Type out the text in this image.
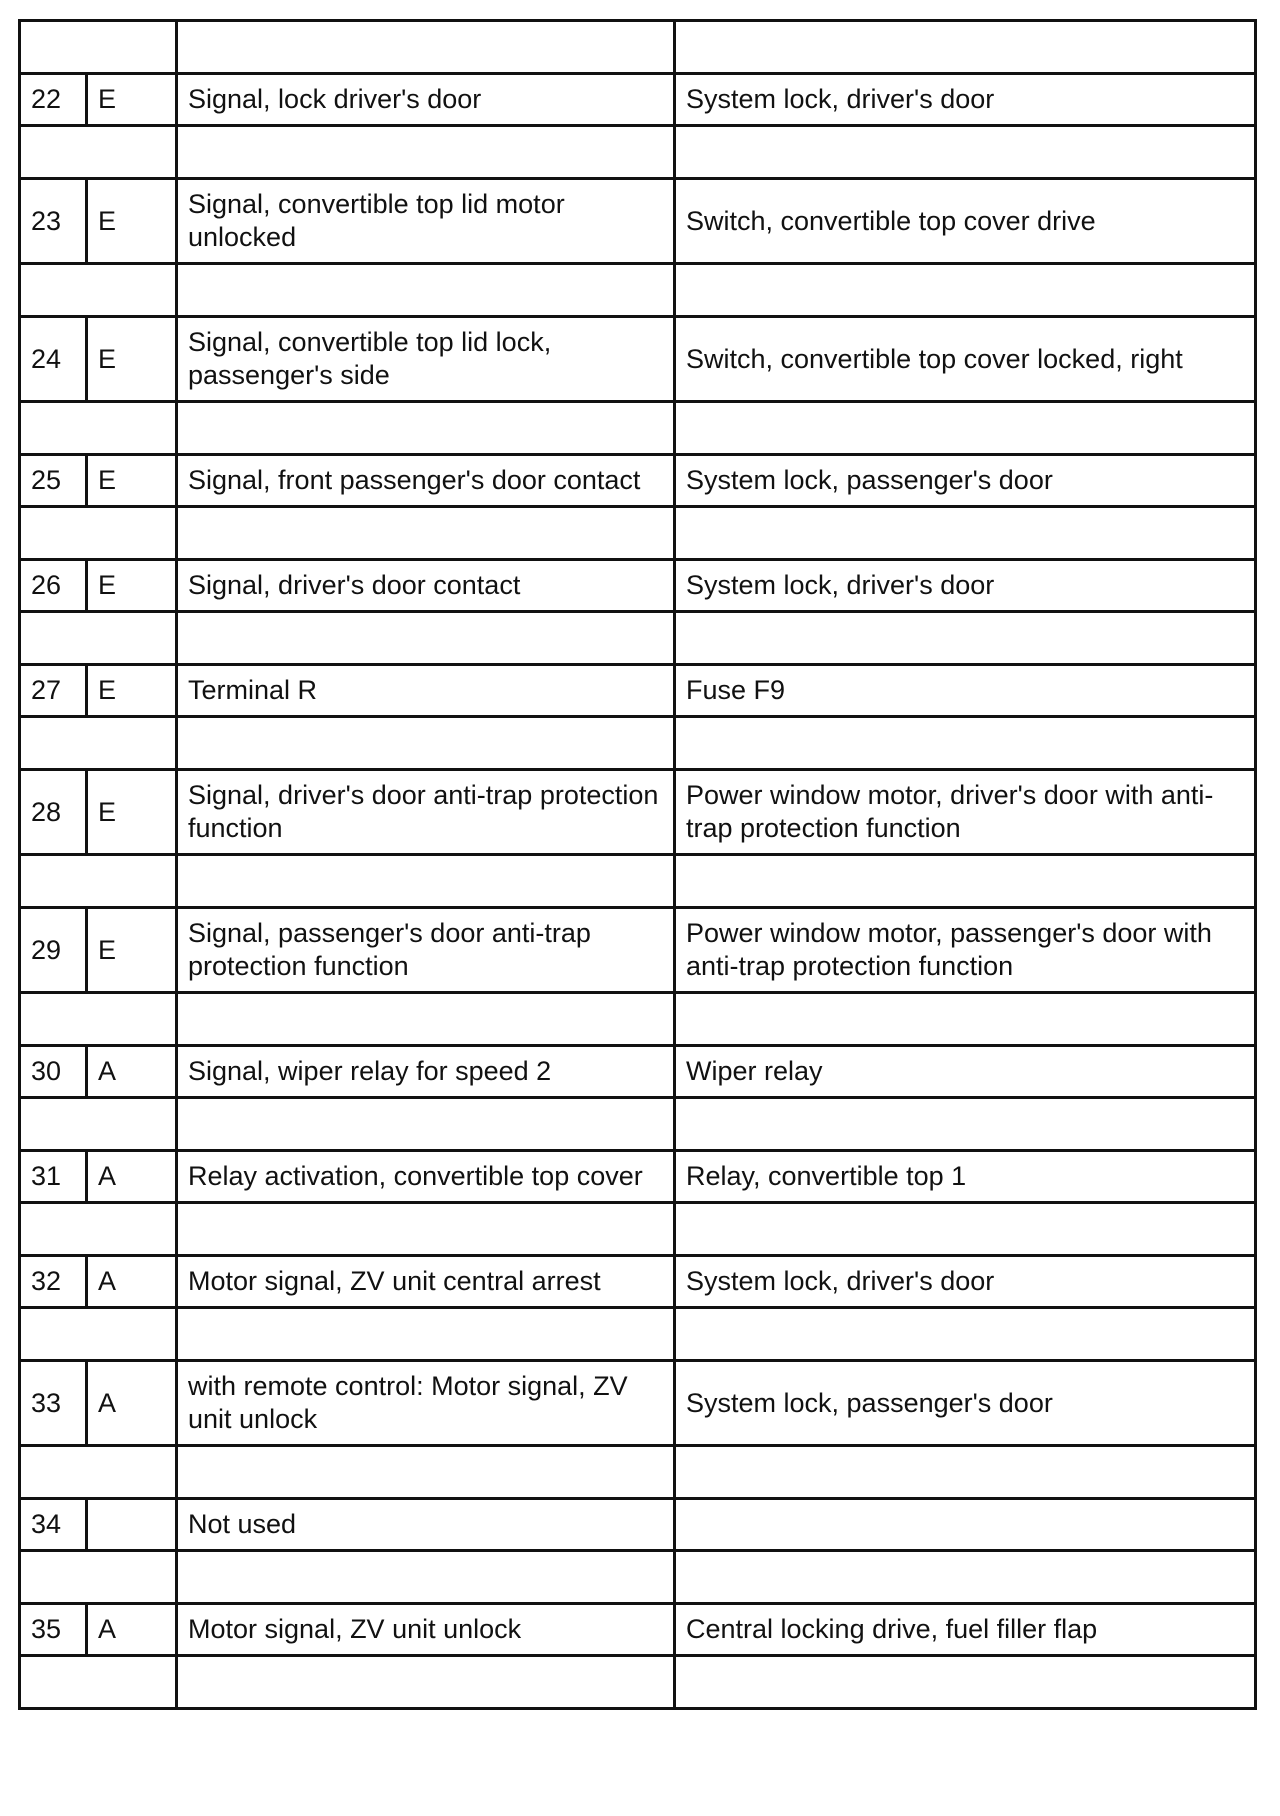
22	E	Signal, lock driver's door	System lock, driver's door

23	E	Signal, convertible top lid motor unlocked	Switch, convertible top cover drive

24	E	Signal, convertible top lid lock, passenger's side	Switch, convertible top cover locked, right

25	E	Signal, front passenger's door contact	System lock, passenger's door

26	E	Signal, driver's door contact	System lock, driver's door

27	E	Terminal R	Fuse F9

28	E	Signal, driver's door anti-trap protection function	Power window motor, driver's door with anti-trap protection function

29	E	Signal, passenger's door anti-trap protection function	Power window motor, passenger's door with anti-trap protection function

30	A	Signal, wiper relay for speed 2	Wiper relay

31	A	Relay activation, convertible top cover	Relay, convertible top 1

32	A	Motor signal, ZV unit central arrest	System lock, driver's door

33	A	with remote control: Motor signal, ZV unit unlock	System lock, passenger's door

34		Not used	

35	A	Motor signal, ZV unit unlock	Central locking drive, fuel filler flap
